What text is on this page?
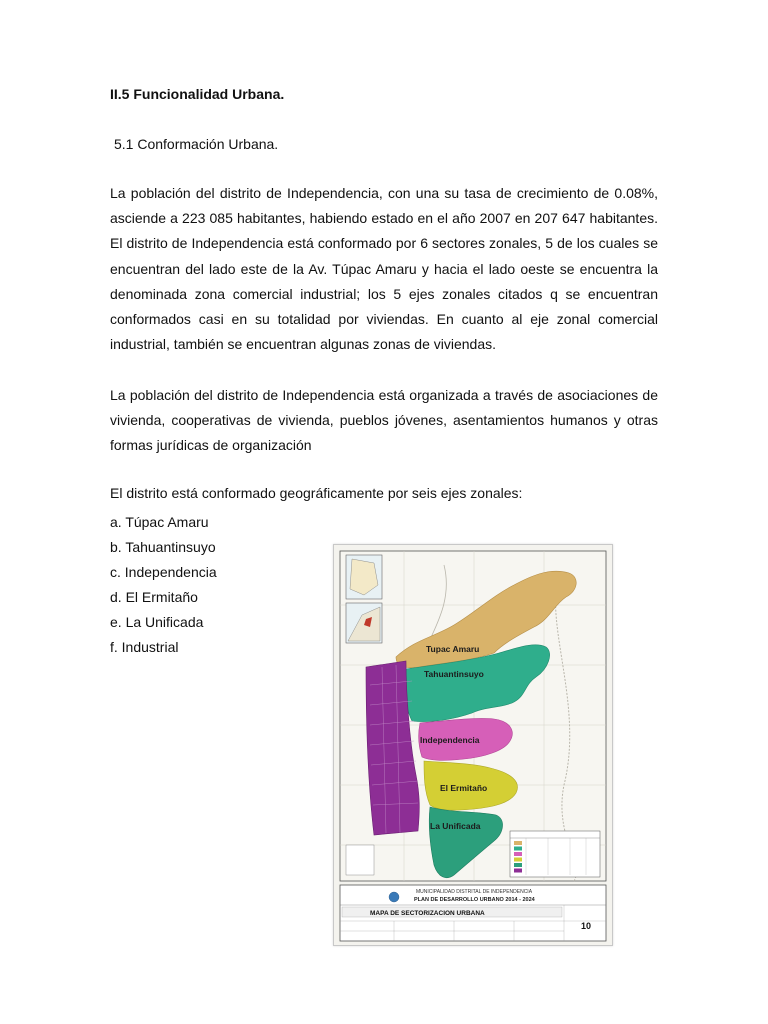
II.5 Funcionalidad Urbana.

5.1 Conformación Urbana.

La población del distrito de Independencia, con una su tasa de crecimiento de 0.08%, asciende a 223 085 habitantes, habiendo estado en el año 2007 en 207 647 habitantes. El distrito de Independencia está conformado por 6 sectores zonales, 5 de los cuales se encuentran del lado este de la Av. Túpac Amaru y hacia el lado oeste se encuentra la denominada zona comercial industrial; los 5 ejes zonales citados q se encuentran conformados casi en su totalidad por viviendas. En cuanto al eje zonal comercial industrial, también se encuentran algunas zonas de viviendas.

La población del distrito de Independencia está organizada a través de asociaciones de vivienda, cooperativas de vivienda, pueblos jóvenes, asentamientos humanos y otras formas jurídicas de organización

El distrito está conformado geográficamente por seis ejes zonales:

a. Túpac Amaru
b. Tahuantinsuyo
c. Independencia
d. El Ermitaño
e. La Unificada
f. Industrial	Tupac Amaru
Tahuantinsuyo
Independencia
El Ermitaño
La Unificada
MUNICIPALIDAD DISTRITAL DE INDEPENDENCIA
PLAN DE DESARROLLO URBANO 2014 - 2024
MAPA DE SECTORIZACION URBANA
10
